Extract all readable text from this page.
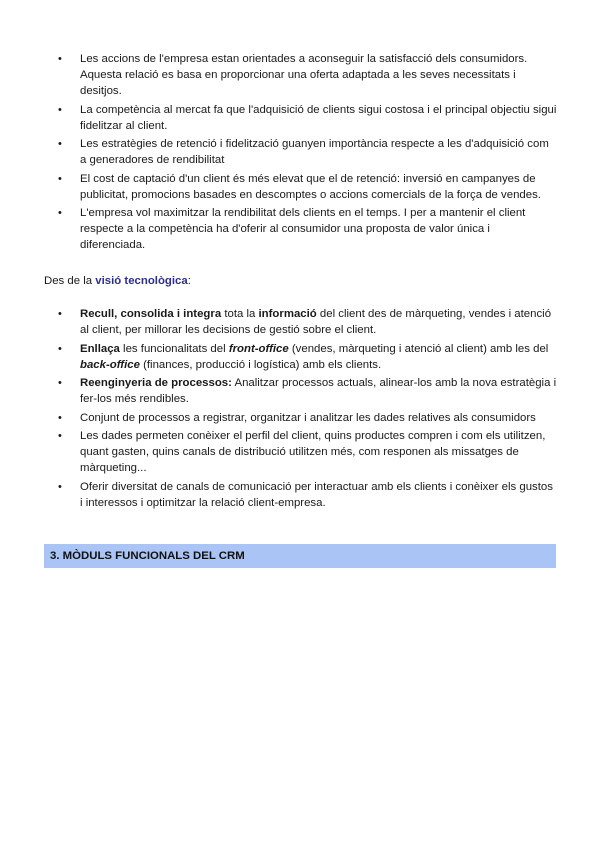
• Les accions de l'empresa estan orientades a aconseguir la satisfacció dels consumidors. Aquesta relació es basa en proporcionar una oferta adaptada a les seves necessitats i desitjos.
• La competència al mercat fa que l'adquisició de clients sigui costosa i el principal objectiu sigui fidelitzar al client.
• Les estratègies de retenció i fidelització guanyen importància respecte a les d'adquisició com a generadores de rendibilitat
• El cost de captació d'un client és més elevat que el de retenció: inversió en campanyes de publicitat, promocions basades en descomptes o accions comercials de la força de vendes.
• L'empresa vol maximitzar la rendibilitat dels clients en el temps. I per a mantenir el client respecte a la competència ha d'oferir al consumidor una proposta de valor única i diferenciada.

Des de la visió tecnològica:

• Recull, consolida i integra tota la informació del client des de màrqueting, vendes i atenció al client, per millorar les decisions de gestió sobre el client.
• Enllaça les funcionalitats del front-office (vendes, màrqueting i atenció al client) amb les del back-office (finances, producció i logística) amb els clients.
• Reenginyeria de processos: Analitzar processos actuals, alinear-los amb la nova estratègia i fer-los més rendibles.
• Conjunt de processos a registrar, organitzar i analitzar les dades relatives als consumidors
• Les dades permeten conèixer el perfil del client, quins productes compren i com els utilitzen, quant gasten, quins canals de distribució utilitzen més, com responen als missatges de màrqueting...
• Oferir diversitat de canals de comunicació per interactuar amb els clients i conèixer els gustos i interessos i optimitzar la relació client-empresa.
3. MÒDULS FUNCIONALS DEL CRM
